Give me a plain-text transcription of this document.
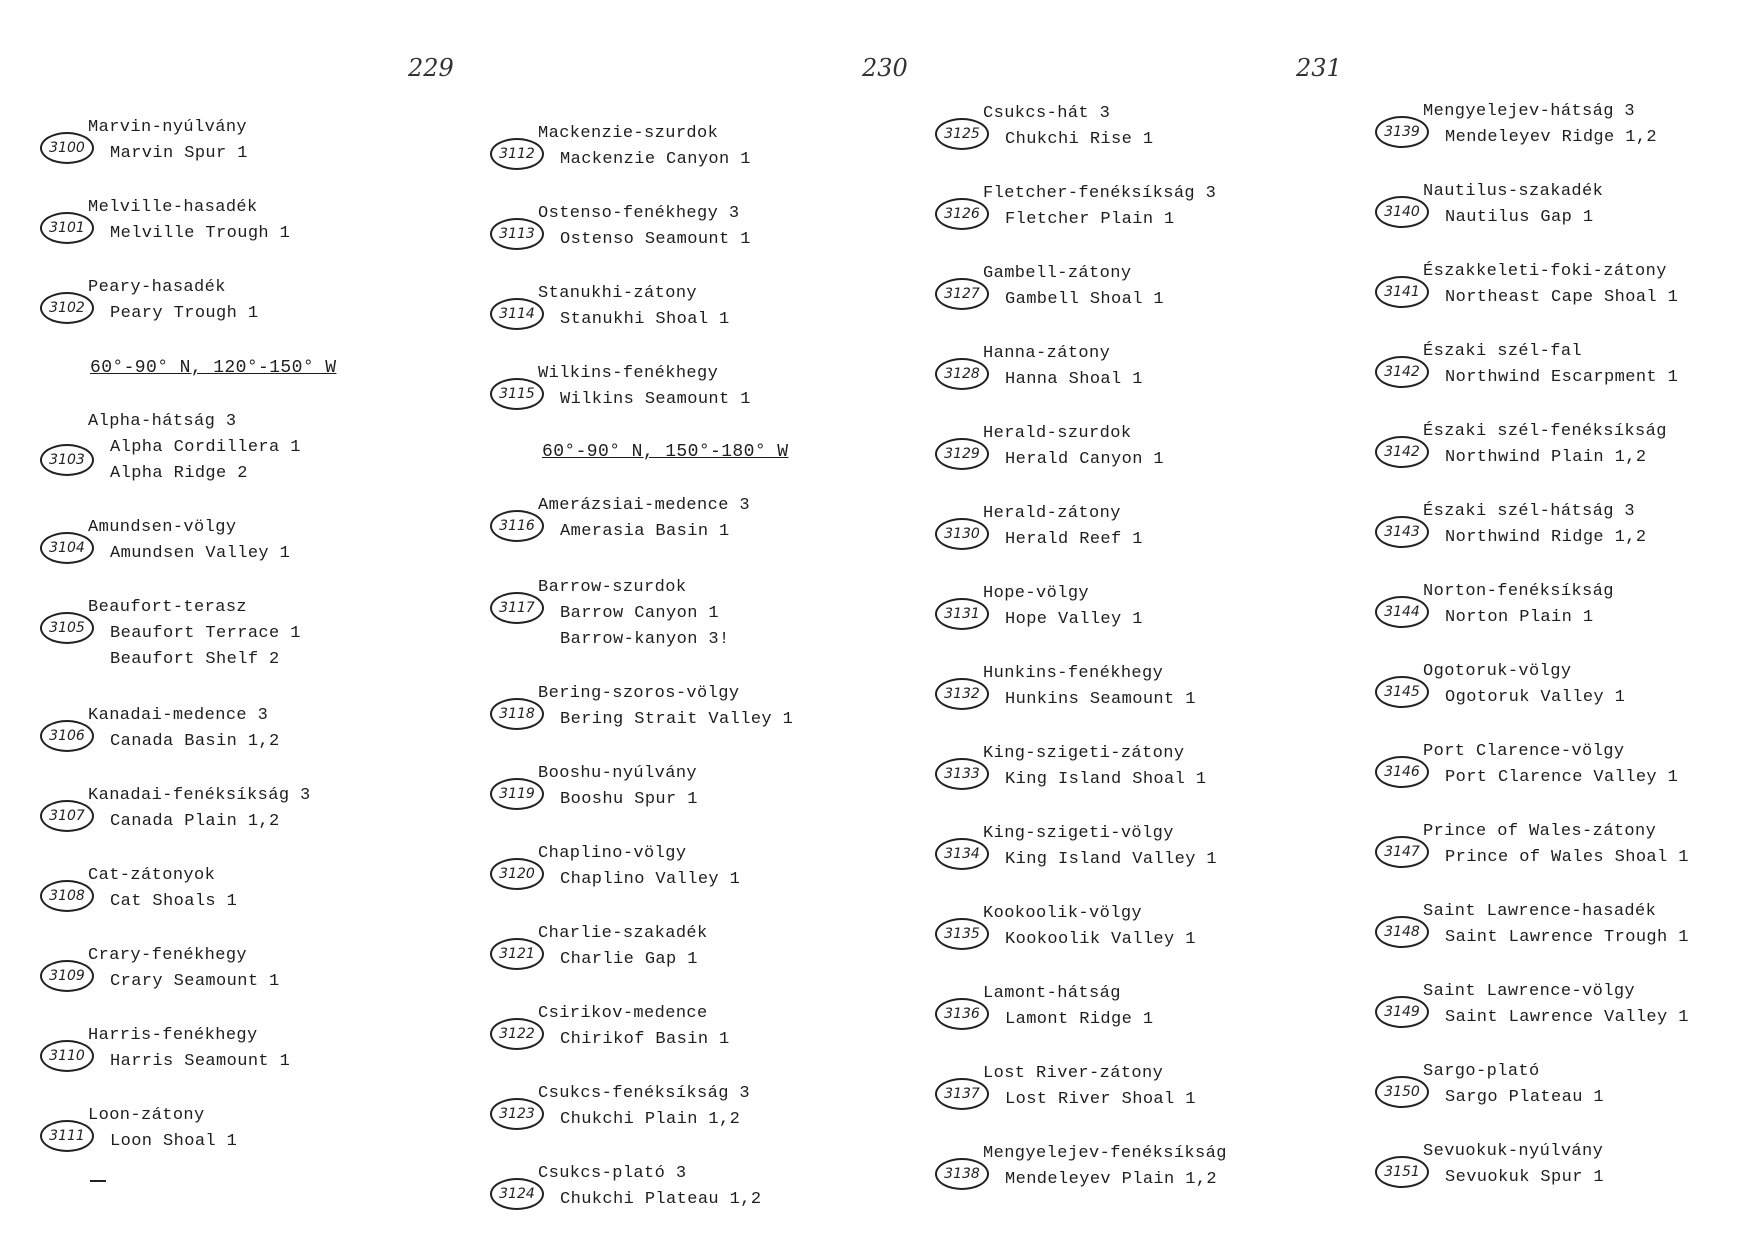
229	230	231
3100
Marvin-nyúlvány
Marvin Spur 1
3101
Melville-hasadék
Melville Trough 1
3102
Peary-hasadék
Peary Trough 1
60°-90° N, 120°-150° W
3103
Alpha-hátság 3
Alpha Cordillera 1
Alpha Ridge 2
3104
Amundsen-völgy
Amundsen Valley 1
3105
Beaufort-terasz
Beaufort Terrace 1
Beaufort Shelf 2
3106
Kanadai-medence 3
Canada Basin 1,2
3107
Kanadai-fenéksíkság 3
Canada Plain 1,2
3108
Cat-zátonyok
Cat Shoals 1
3109
Crary-fenékhegy
Crary Seamount 1
3110
Harris-fenékhegy
Harris Seamount 1
3111
Loon-zátony
Loon Shoal 1
3112
Mackenzie-szurdok
Mackenzie Canyon 1
3113
Ostenso-fenékhegy 3
Ostenso Seamount 1
3114
Stanukhi-zátony
Stanukhi Shoal 1
3115
Wilkins-fenékhegy
Wilkins Seamount 1
60°-90° N, 150°-180° W
3116
Amerázsiai-medence 3
Amerasia Basin 1
3117
Barrow-szurdok
Barrow Canyon 1
Barrow-kanyon 3!
3118
Bering-szoros-völgy
Bering Strait Valley 1
3119
Booshu-nyúlvány
Booshu Spur 1
3120
Chaplino-völgy
Chaplino Valley 1
3121
Charlie-szakadék
Charlie Gap 1
3122
Csirikov-medence
Chirikof Basin 1
3123
Csukcs-fenéksíkság 3
Chukchi Plain 1,2
3124
Csukcs-plató 3
Chukchi Plateau 1,2
3125
Csukcs-hát 3
Chukchi Rise 1
3126
Fletcher-fenéksíkság 3
Fletcher Plain 1
3127
Gambell-zátony
Gambell Shoal 1
3128
Hanna-zátony
Hanna Shoal 1
3129
Herald-szurdok
Herald Canyon 1
3130
Herald-zátony
Herald Reef 1
3131
Hope-völgy
Hope Valley 1
3132
Hunkins-fenékhegy
Hunkins Seamount 1
3133
King-szigeti-zátony
King Island Shoal 1
3134
King-szigeti-völgy
King Island Valley 1
3135
Kookoolik-völgy
Kookoolik Valley 1
3136
Lamont-hátság
Lamont Ridge 1
3137
Lost River-zátony
Lost River Shoal 1
3138
Mengyelejev-fenéksíkság
Mendeleyev Plain 1,2
3139
Mengyelejev-hátság 3
Mendeleyev Ridge 1,2
3140
Nautilus-szakadék
Nautilus Gap 1
3141
Északkeleti-foki-zátony
Northeast Cape Shoal 1
3142
Északi szél-fal
Northwind Escarpment 1
3142
Északi szél-fenéksíkság
Northwind Plain 1,2
3143
Északi szél-hátság 3
Northwind Ridge 1,2
3144
Norton-fenéksíkság
Norton Plain 1
3145
Ogotoruk-völgy
Ogotoruk Valley 1
3146
Port Clarence-völgy
Port Clarence Valley 1
3147
Prince of Wales-zátony
Prince of Wales Shoal 1
3148
Saint Lawrence-hasadék
Saint Lawrence Trough 1
3149
Saint Lawrence-völgy
Saint Lawrence Valley 1
3150
Sargo-plató
Sargo Plateau 1
3151
Sevuokuk-nyúlvány
Sevuokuk Spur 1
